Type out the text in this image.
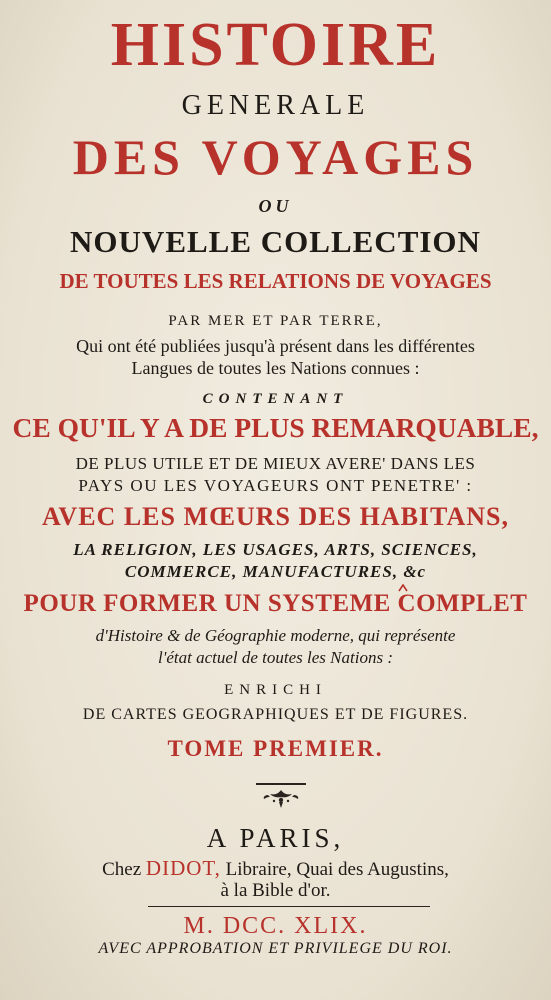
HISTOIRE
GENERALE
DES VOYAGES
OU
NOUVELLE COLLECTION
DE TOUTES LES RELATIONS DE VOYAGES
PAR MER ET PAR TERRE,
Qui ont été publiées jusqu'à présent dans les différentes
Langues de toutes les Nations connues :
CONTENANT
CE QU'IL Y A DE PLUS REMARQUABLE,
DE PLUS UTILE ET DE MIEUX AVERE' DANS LES
PAYS OU LES VOYAGEURS ONT PENETRE' :
AVEC LES MŒURS DES HABITANS,
LA RELIGION, LES USAGES, ARTS, SCIENCES,
COMMERCE, MANUFACTURES, &c
POUR FORMER UN SYSTEME COMPLET
d'Histoire & de Géographie moderne, qui représente
l'état actuel de toutes les Nations :
ENRICHI
DE CARTES GEOGRAPHIQUES ET DE FIGURES.
TOME PREMIER.
A PARIS,
Chez DIDOT, Libraire, Quai des Augustins,
à la Bible d'or.
M. DCC. XLIX.
AVEC APPROBATION ET PRIVILEGE DU ROI.
